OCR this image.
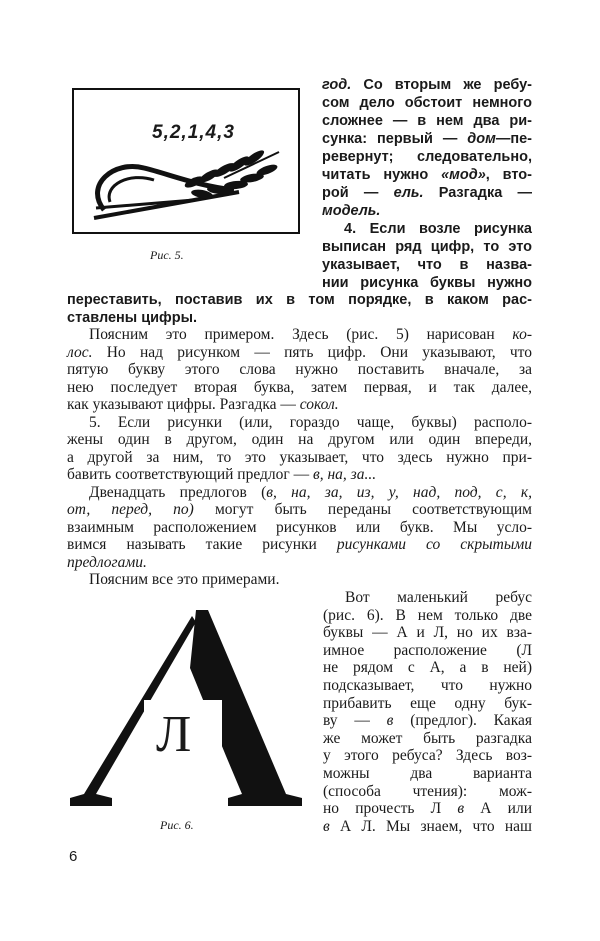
5,2,1,4,3
Рис. 5.
Л
Рис. 6.
год. Со вторым же ребу-
сом дело обстоит немного
сложнее — в нем два ри-
сунка: первый — дом—пе-
ревернут; следовательно,
читать нужно «мод», вто-
рой — ель. Разгадка —
модель.
4. Если возле рисунка
выписан ряд цифр, то это
указывает, что в назва-
нии рисунка буквы нужно
переставить, поставив их в том порядке, в каком рас-
ставлены цифры.
Поясним это примером. Здесь (рис. 5) нарисован ко-
лос. Но над рисунком — пять цифр. Они указывают, что
пятую букву этого слова нужно поставить вначале, за
нею последует вторая буква, затем первая, и так далее,
как указывают цифры. Разгадка — сокол.
5. Если рисунки (или, гораздо чаще, буквы) располо-
жены один в другом, один на другом или один впереди,
а другой за ним, то это указывает, что здесь нужно при-
бавить соответствующий предлог — в, на, за...
Двенадцать предлогов (в, на, за, из, у, над, под, с, к,
от, перед, по) могут быть переданы соответствующим
взаимным расположением рисунков или букв. Мы усло-
вимся называть такие рисунки рисунками со скрытыми
предлогами.
Поясним все это примерами.
Вот маленький ребус
(рис. 6). В нем только две
буквы — А и Л, но их вза-
имное расположение (Л
не рядом с А, а в ней)
подсказывает, что нужно
прибавить еще одну бук-
ву — в (предлог). Какая
же может быть разгадка
у этого ребуса? Здесь воз-
можны два варианта
(способа чтения): мож-
но прочесть Л в А или
в А Л. Мы знаем, что наш
6
